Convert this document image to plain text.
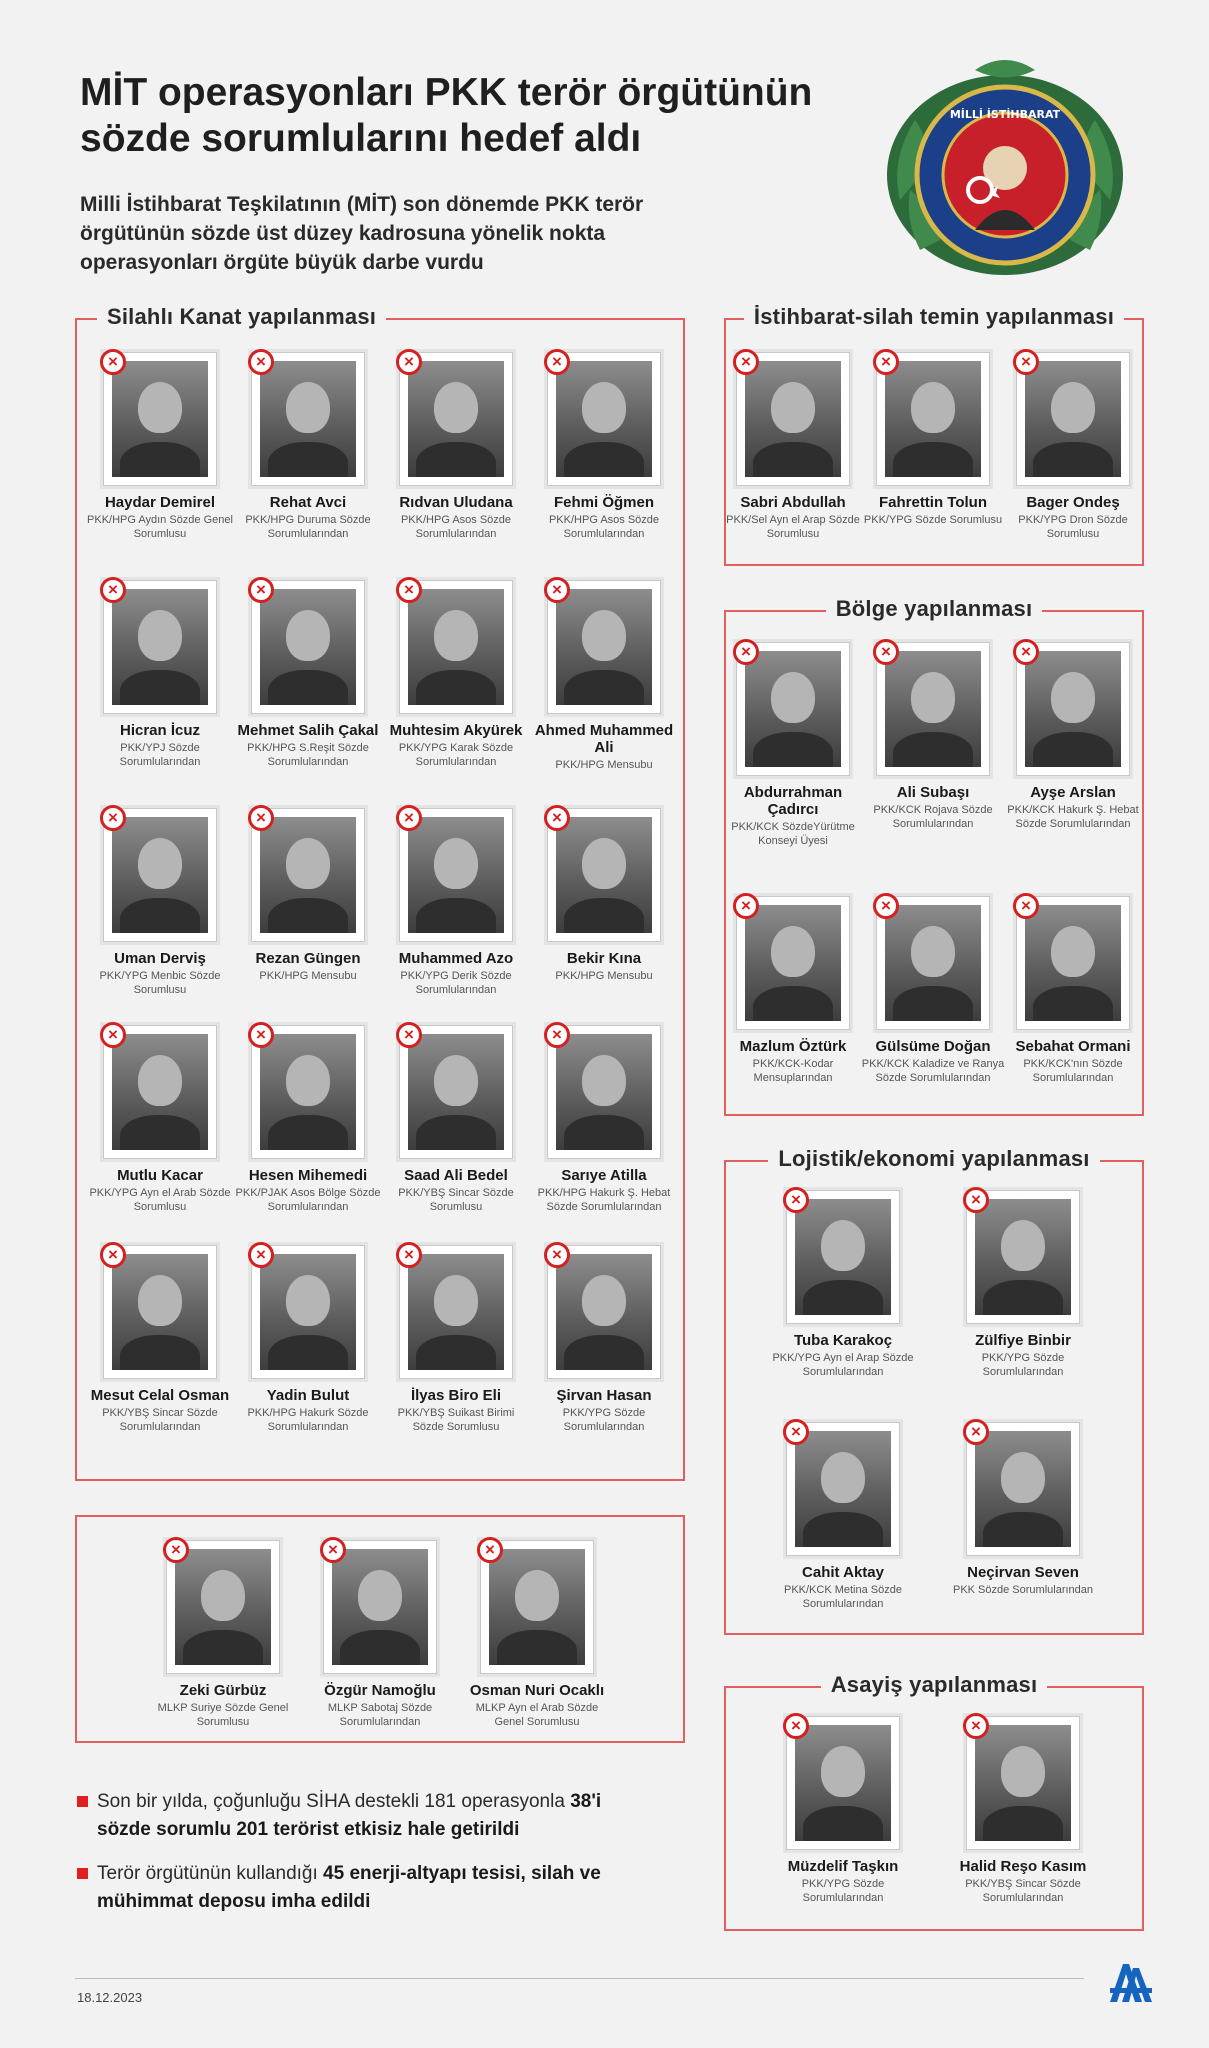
MİT operasyonları PKK terör örgütünün sözde sorumlularını hedef aldı

Milli İstihbarat Teşkilatının (MİT) son dönemde PKK terör örgütünün sözde üst düzey kadrosuna yönelik nokta operasyonları örgüte büyük darbe vurdu

MİLLİ İSTİHBARAT
Silahlı Kanat yapılanması	İstihbarat-silah temin yapılanması
Bölge yapılanması
Lojistik/ekonomi yapılanması
Asayiş yapılanması
Son bir yılda, çoğunluğu SİHA destekli 181 operasyonla 38'i sözde sorumlu 201 terörist etkisiz hale getirildi
Terör örgütünün kullandığı 45 enerji-altyapı tesisi, silah ve mühimmat deposu imha edildi
18.12.2023
×
Haydar Demirel
PKK/HPG Aydın Sözde Genel Sorumlusu
×
Rehat Avci
PKK/HPG Duruma Sözde Sorumlularından
×
Rıdvan Uludana
PKK/HPG Asos Sözde Sorumlularından
×
Fehmi Öğmen
PKK/HPG Asos Sözde Sorumlularından
×
Hicran İcuz
PKK/YPJ Sözde Sorumlularından
×
Mehmet Salih Çakal
PKK/HPG S.Reşit Sözde Sorumlularından
×
Muhtesim Akyürek
PKK/YPG Karak Sözde Sorumlularından
×
Ahmed Muhammed Ali
PKK/HPG Mensubu
×
Uman Derviş
PKK/YPG Menbic Sözde Sorumlusu
×
Rezan Güngen
PKK/HPG Mensubu
×
Muhammed Azo
PKK/YPG Derik Sözde Sorumlularından
×
Bekir Kına
PKK/HPG Mensubu
×
Mutlu Kacar
PKK/YPG Ayn el Arab Sözde Sorumlusu
×
Hesen Mihemedi
PKK/PJAK Asos Bölge Sözde Sorumlularından
×
Saad Ali Bedel
PKK/YBŞ Sincar Sözde Sorumlusu
×
Sarıye Atilla
PKK/HPG Hakurk Ş. Hebat Sözde Sorumlularından
×
Mesut Celal Osman
PKK/YBŞ Sincar Sözde Sorumlularından
×
Yadin Bulut
PKK/HPG Hakurk Sözde Sorumlularından
×
İlyas Biro Eli
PKK/YBŞ Suikast Birimi Sözde Sorumlusu
×
Şirvan Hasan
PKK/YPG Sözde Sorumlularından
×
Zeki Gürbüz
MLKP Suriye Sözde Genel Sorumlusu
×
Özgür Namoğlu
MLKP Sabotaj Sözde Sorumlularından
×
Osman Nuri Ocaklı
MLKP Ayn el Arab Sözde Genel Sorumlusu
×
Sabri Abdullah
PKK/Sel Ayn el Arap Sözde Sorumlusu
×
Fahrettin Tolun
PKK/YPG Sözde Sorumlusu
×
Bager Ondeş
PKK/YPG Dron Sözde Sorumlusu
×
Abdurrahman Çadırcı
PKK/KCK SözdeYürütme Konseyi Üyesi
×
Ali Subaşı
PKK/KCK Rojava Sözde Sorumlularından
×
Ayşe Arslan
PKK/KCK Hakurk Ş. Hebat Sözde Sorumlularından
×
Mazlum Öztürk
PKK/KCK-Kodar Mensuplarından
×
Gülsüme Doğan
PKK/KCK Kaladize ve Ranya Sözde Sorumlularından
×
Sebahat Ormani
PKK/KCK'nın Sözde Sorumlularından
×
Tuba Karakoç
PKK/YPG Ayn el Arap Sözde Sorumlularından
×
Zülfiye Binbir
PKK/YPG Sözde Sorumlularından
×
Cahit Aktay
PKK/KCK Metina Sözde Sorumlularından
×
Neçirvan Seven
PKK Sözde Sorumlularından
×
Müzdelif Taşkın
PKK/YPG Sözde Sorumlularından
×
Halid Reşo Kasım
PKK/YBŞ Sincar Sözde Sorumlularından
